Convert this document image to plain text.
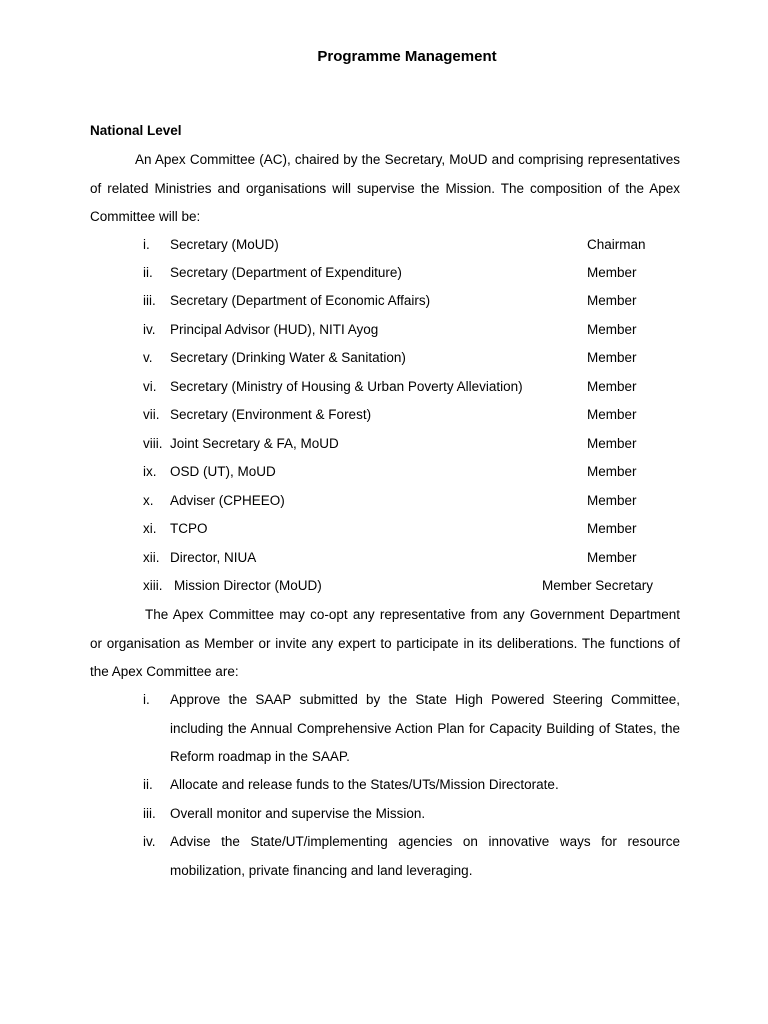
Programme Management
National Level
An Apex Committee (AC), chaired by the Secretary, MoUD and comprising representatives of related Ministries and organisations will supervise the Mission. The composition of the Apex Committee will be:
i. Secretary (MoUD)	Chairman
ii. Secretary (Department of Expenditure)	Member
iii. Secretary (Department of Economic Affairs)	Member
iv. Principal Advisor (HUD), NITI Ayog	Member
v. Secretary (Drinking Water & Sanitation)	Member
vi. Secretary (Ministry of Housing & Urban Poverty Alleviation)	Member
vii. Secretary (Environment & Forest)	Member
viii. Joint Secretary & FA, MoUD	Member
ix. OSD (UT), MoUD	Member
x. Adviser (CPHEEO)	Member
xi. TCPO	Member
xii. Director, NIUA	Member
xiii. Mission Director (MoUD)	Member Secretary
The Apex Committee may co-opt any representative from any Government Department or organisation as Member or invite any expert to participate in its deliberations. The functions of the Apex Committee are:
i. Approve the SAAP submitted by the State High Powered Steering Committee, including the Annual Comprehensive Action Plan for Capacity Building of States, the Reform roadmap in the SAAP.
ii. Allocate and release funds to the States/UTs/Mission Directorate.
iii. Overall monitor and supervise the Mission.
iv. Advise the State/UT/implementing agencies on innovative ways for resource mobilization, private financing and land leveraging.
